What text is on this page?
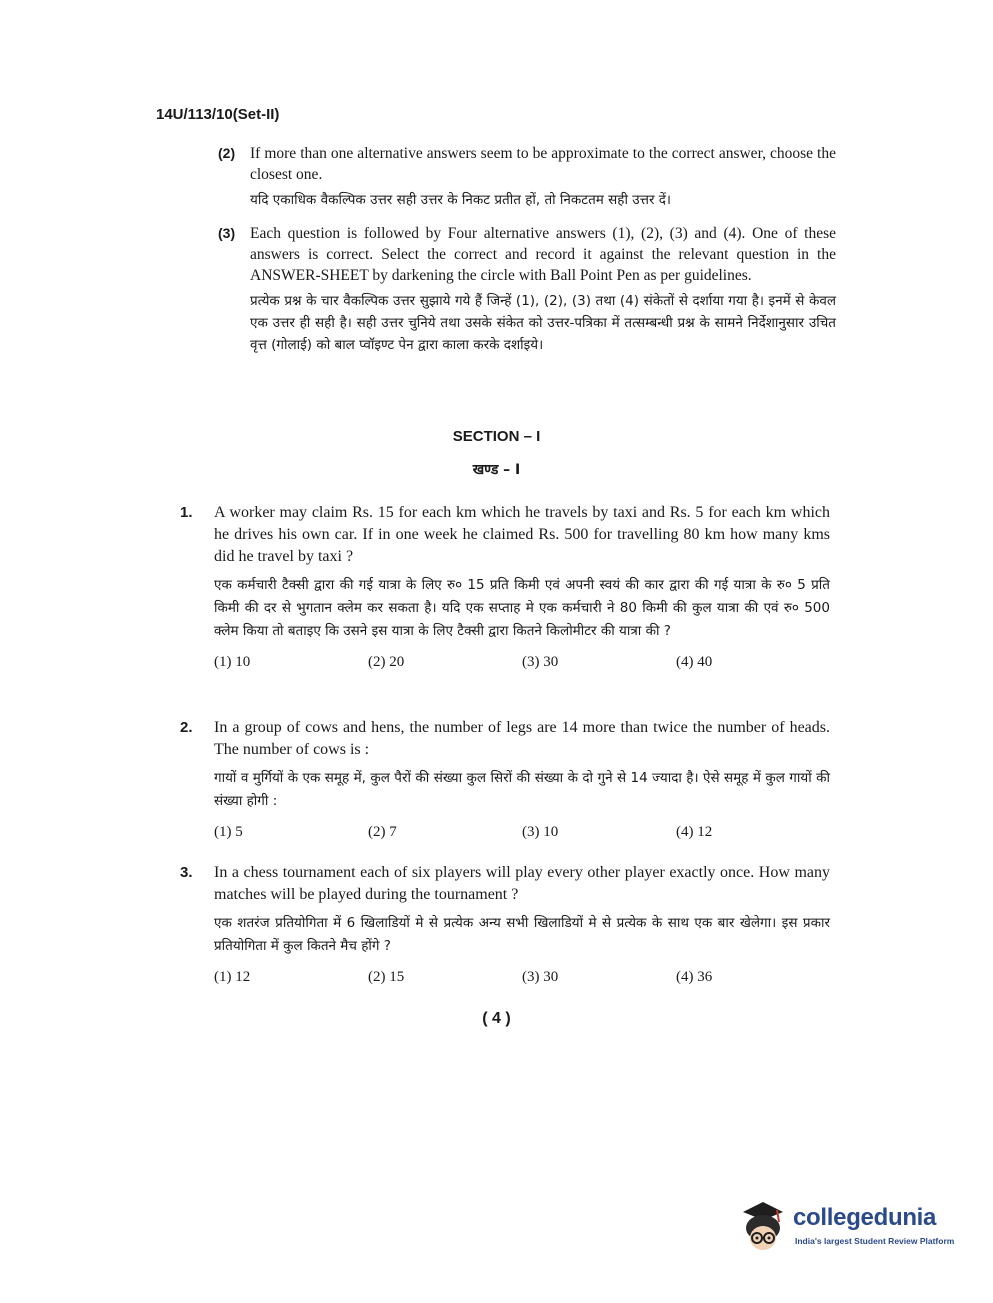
14U/113/10(Set-II)
(2) If more than one alternative answers seem to be approximate to the correct answer, choose the closest one.
यदि एकाधिक वैकल्पिक उत्तर सही उत्तर के निकट प्रतीत हों, तो निकटतम सही उत्तर दें।
(3) Each question is followed by Four alternative answers (1), (2), (3) and (4). One of these answers is correct. Select the correct and record it against the relevant question in the ANSWER-SHEET by darkening the circle with Ball Point Pen as per guidelines.
प्रत्येक प्रश्न के चार वैकल्पिक उत्तर सुझाये गये हैं जिन्हें (1), (2), (3) तथा (4) संकेतों से दर्शाया गया है। इनमें से केवल एक उत्तर ही सही है। सही उत्तर चुनिये तथा उसके संकेत को उत्तर-पत्रिका में तत्सम्बन्धी प्रश्न के सामने निर्देशानुसार उचित वृत्त (गोलाई) को बाल प्वॉइण्ट पेन द्वारा काला करके दर्शाइये।
SECTION – I
खण्ड – I
1. A worker may claim Rs. 15 for each km which he travels by taxi and Rs. 5 for each km which he drives his own car. If in one week he claimed Rs. 500 for travelling 80 km how many kms did he travel by taxi ?
एक कर्मचारी टैक्सी द्वारा की गई यात्रा के लिए रु० 15 प्रति किमी एवं अपनी स्वयं की कार द्वारा की गई यात्रा के रु० 5 प्रति किमी की दर से भुगतान क्लेम कर सकता है। यदि एक सप्ताह मे एक कर्मचारी ने 80 किमी की कुल यात्रा की एवं रु० 500 क्लेम किया तो बताइए कि उसने इस यात्रा के लिए टैक्सी द्वारा कितने किलोमीटर की यात्रा की ?
(1) 10	(2) 20	(3) 30	(4) 40
2. In a group of cows and hens, the number of legs are 14 more than twice the number of heads. The number of cows is :
गायों व मुर्गियों के एक समूह में, कुल पैरों की संख्या कुल सिरों की संख्या के दो गुने से 14 ज्यादा है। ऐसे समूह में कुल गायों की संख्या होगी :
(1) 5	(2) 7	(3) 10	(4) 12
3. In a chess tournament each of six players will play every other player exactly once. How many matches will be played during the tournament ?
एक शतरंज प्रतियोगिता में 6 खिलाडियों मे से प्रत्येक अन्य सभी खिलाडियों मे से प्रत्येक के साथ एक बार खेलेगा। इस प्रकार प्रतियोगिता में कुल कितने मैच होंगे ?
(1) 12	(2) 15	(3) 30	(4) 36
( 4 )
collegedunia
India's largest Student Review Platform
